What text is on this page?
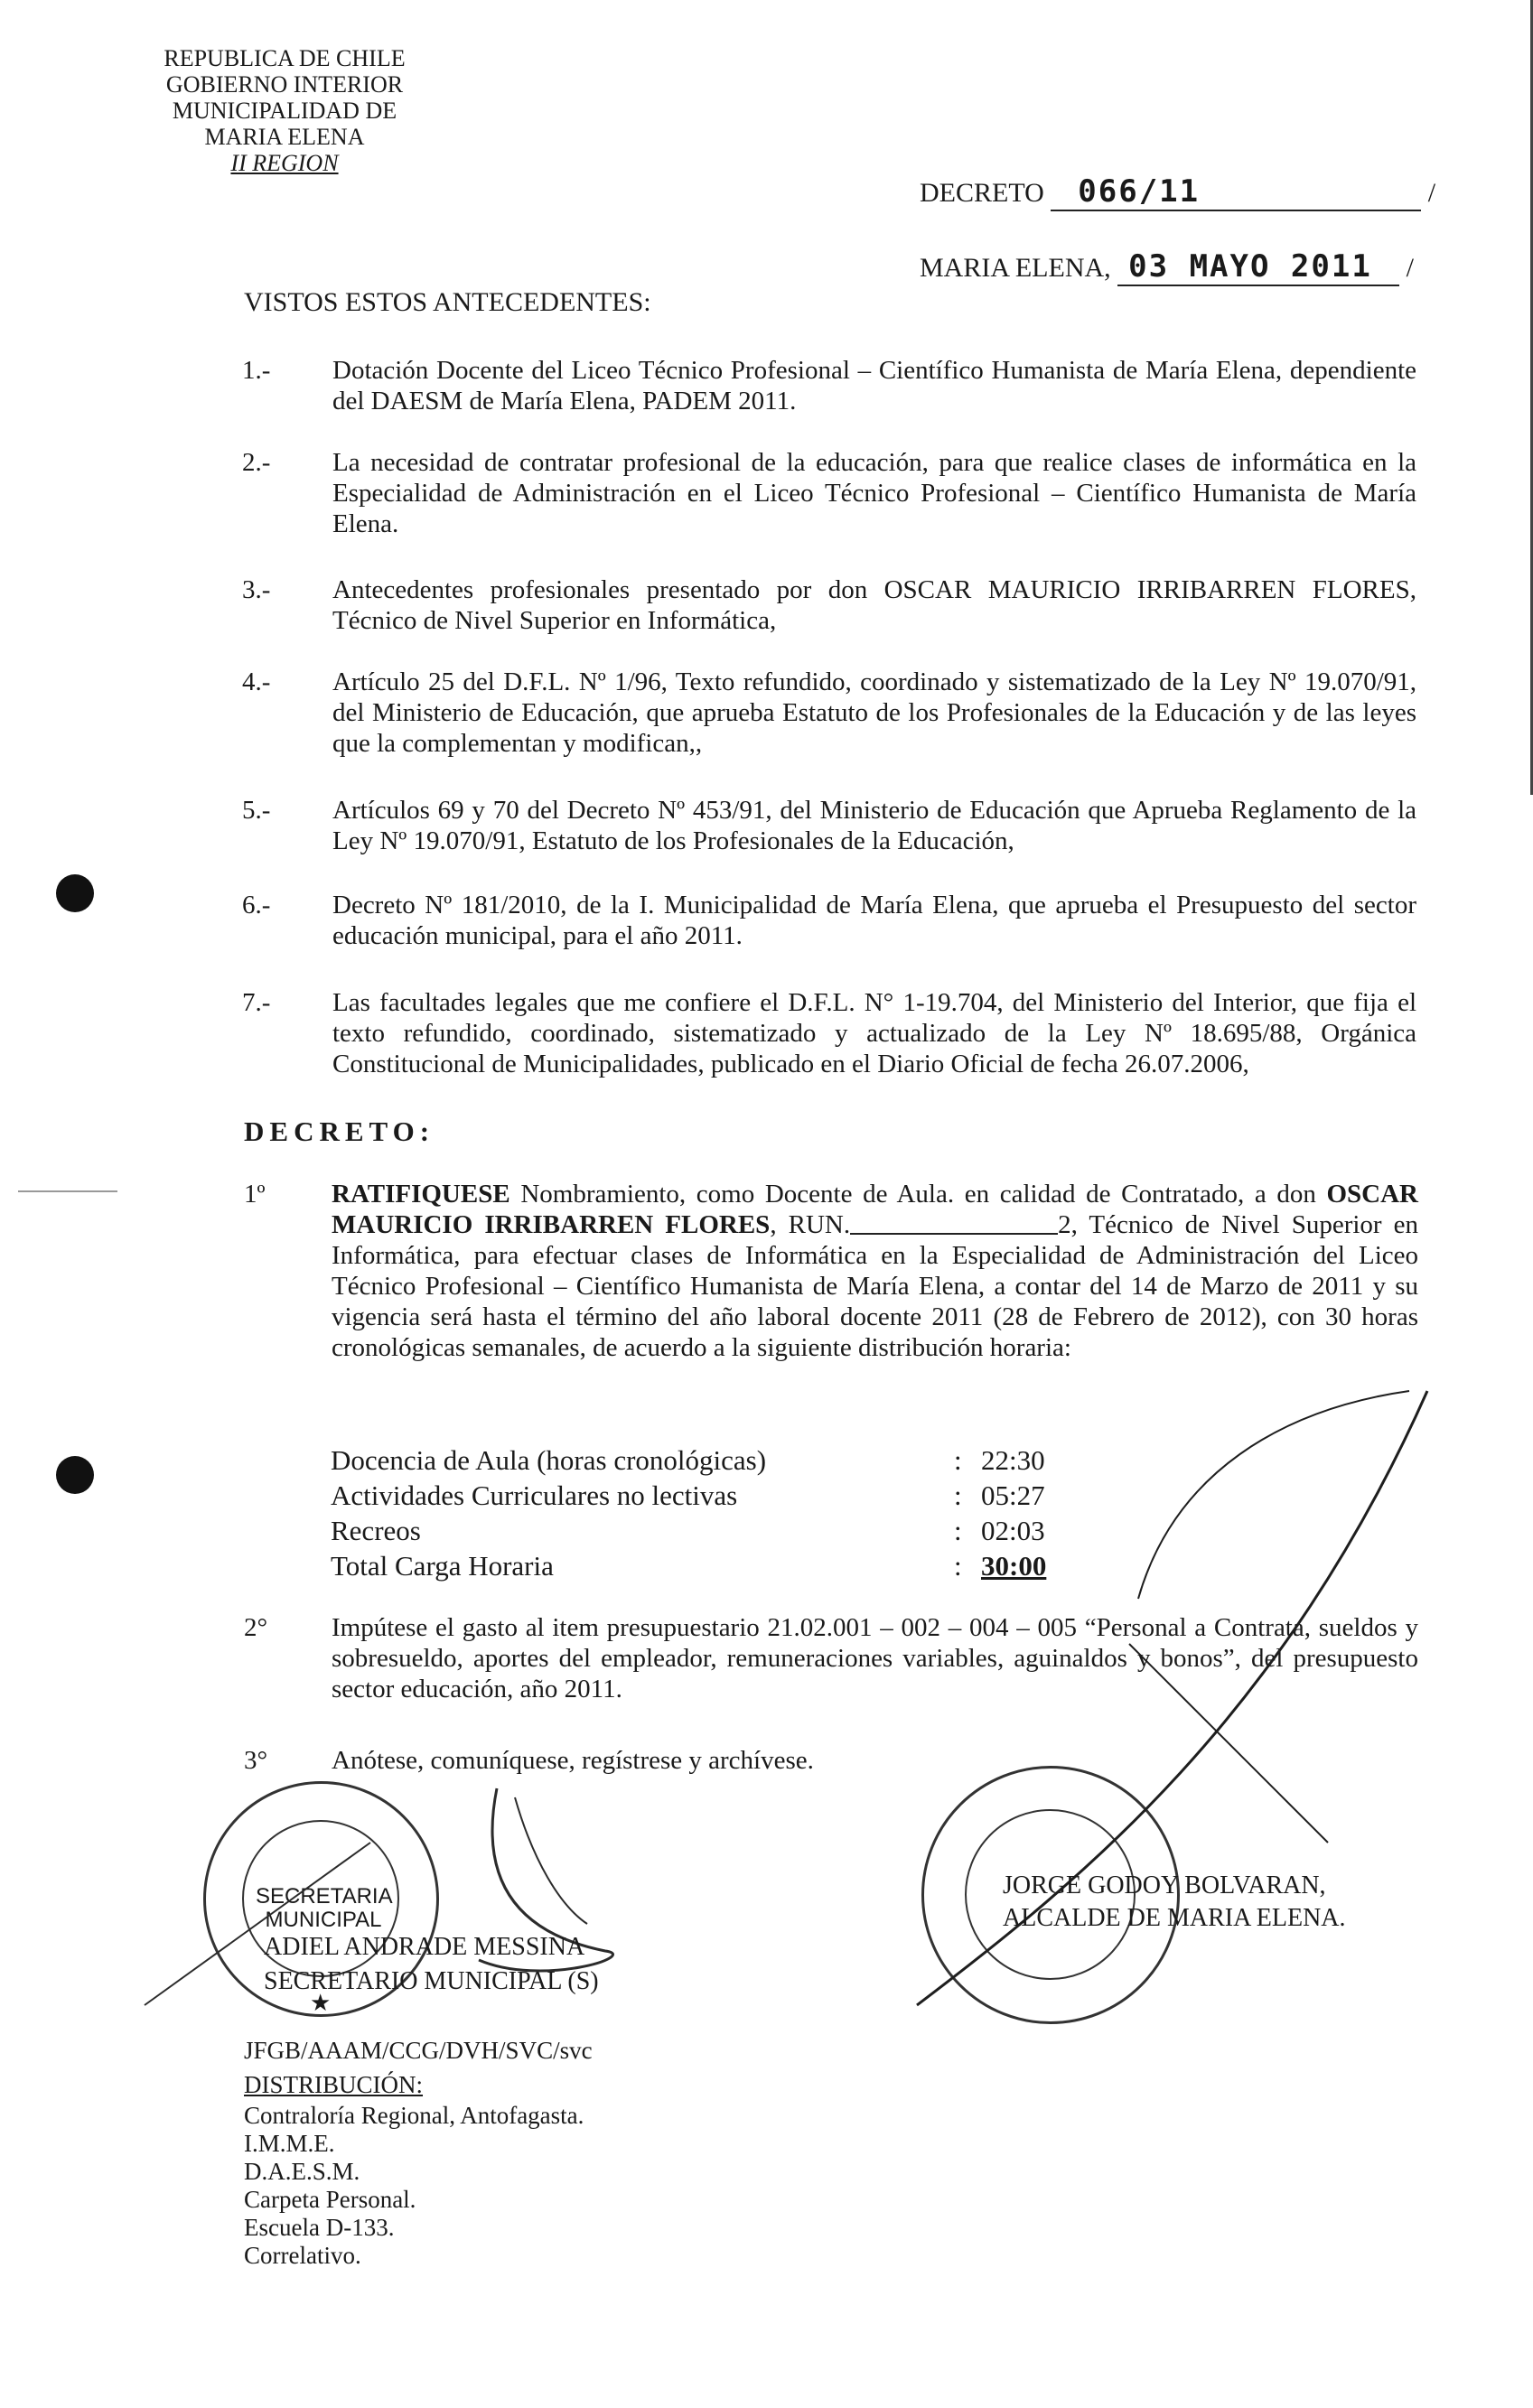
REPUBLICA DE CHILE
GOBIERNO INTERIOR
MUNICIPALIDAD DE
MARIA ELENA
II REGION
DECRETO 066/11	/
MARIA ELENA, 03 MAYO 2011 /
VISTOS ESTOS ANTECEDENTES:
1.-	Dotación Docente del Liceo Técnico Profesional – Científico Humanista de María Elena, dependiente del DAESM de María Elena, PADEM 2011.
2.-	La necesidad de contratar profesional de la educación, para que realice clases de informática en la Especialidad de Administración en el Liceo Técnico Profesional – Científico Humanista de María Elena.
3.-	Antecedentes profesionales presentado por don OSCAR MAURICIO IRRIBARREN FLORES, Técnico de Nivel Superior en Informática,
4.-	Artículo 25 del D.F.L. Nº 1/96, Texto refundido, coordinado y sistematizado de la Ley Nº 19.070/91, del Ministerio de Educación, que aprueba Estatuto de los Profesionales de la Educación y de las leyes que la complementan y modifican,,
5.-	Artículos 69 y 70 del Decreto Nº 453/91, del Ministerio de Educación que Aprueba Reglamento de la Ley Nº 19.070/91, Estatuto de los Profesionales de la Educación,
6.-	Decreto Nº 181/2010, de la I. Municipalidad de María Elena, que aprueba el Presupuesto del sector educación municipal, para el año 2011.
7.-	Las facultades legales que me confiere el D.F.L. N° 1-19.704, del Ministerio del Interior, que fija el texto refundido, coordinado, sistematizado y actualizado de la Ley Nº 18.695/88, Orgánica Constitucional de Municipalidades, publicado en el Diario Oficial de fecha 26.07.2006,
DECRETO:
1º	RATIFIQUESE Nombramiento, como Docente de Aula. en calidad de Contratado, a don OSCAR MAURICIO IRRIBARREN FLORES, RUN.	2, Técnico de Nivel Superior en Informática, para efectuar clases de Informática en la Especialidad de Administración del Liceo Técnico Profesional – Científico Humanista de María Elena, a contar del 14 de Marzo de 2011 y su vigencia será hasta el término del año laboral docente 2011 (28 de Febrero de 2012), con 30 horas cronológicas semanales, de acuerdo a la siguiente distribución horaria:
Docencia de Aula (horas cronológicas)	: 22:30
Actividades Curriculares no lectivas	: 05:27
Recreos	: 02:03
Total Carga Horaria	: 30:00
2° Impútese el gasto al item presupuestario 21.02.001 – 002 – 004 – 005 “Personal a Contrata, sueldos y sobresueldo, aportes del empleador, remuneraciones variables, aguinaldos y bonos”, del presupuesto sector educación, año 2011.
3° Anótese, comuníquese, regístrese y archívese.
SECRETARIA
MUNICIPAL
★
ADIEL ANDRADE MESSINA
SECRETARIO MUNICIPAL (S)
JORGE GODOY BOLVARAN,
ALCALDE DE MARIA ELENA.
JFGB/AAAM/CCG/DVH/SVC/svc
DISTRIBUCIÓN:
Contraloría Regional, Antofagasta.
I.M.M.E.
D.A.E.S.M.
Carpeta Personal.
Escuela D-133.
Correlativo.
